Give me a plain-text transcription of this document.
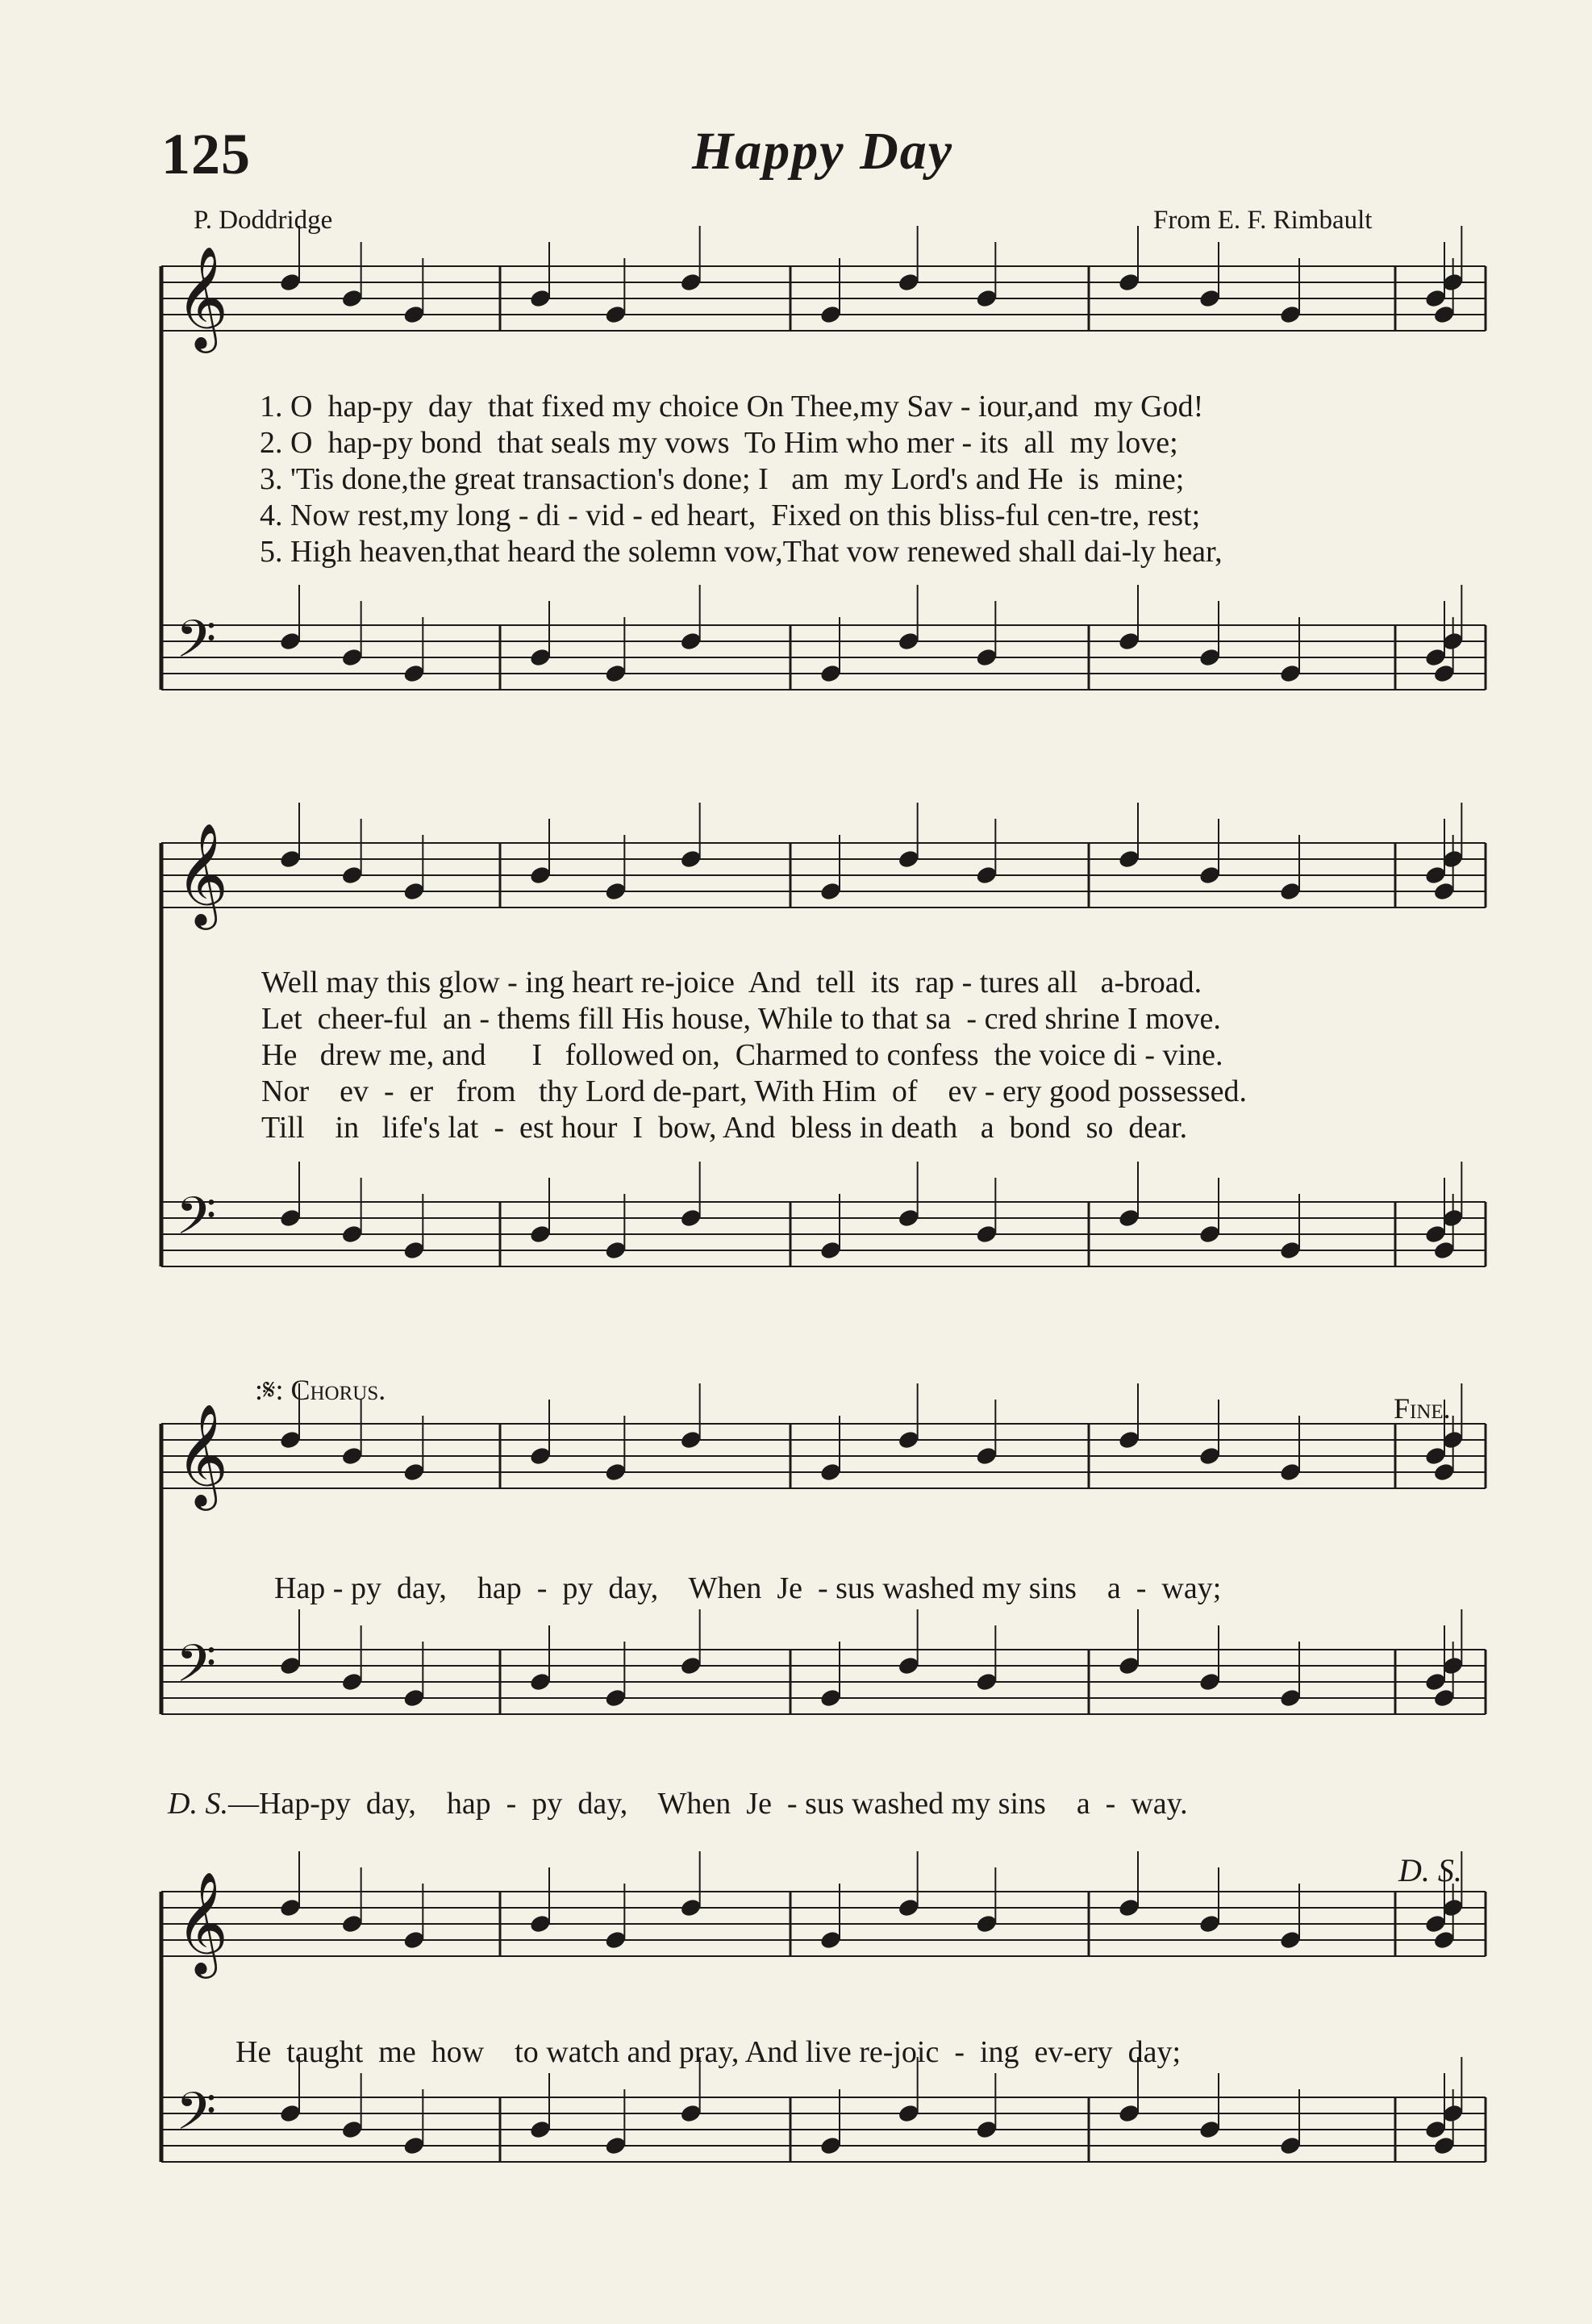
125	Happy Day
P. Doddridge	From E. F. Rimbault
𝄞
𝄢
𝄞
𝄢
𝄞
𝄢
𝄞
𝄢
1. O  hap-py  day  that fixed my choice On Thee,my Sav - iour,and  my God!
2. O  hap-py bond  that seals my vows  To Him who mer - its  all  my love;
3. 'Tis done,the great transaction's done; I   am  my Lord's and He  is  mine;
4. Now rest,my long - di - vid - ed heart,  Fixed on this bliss-ful cen-tre, rest;
5. High heaven,that heard the solemn vow,That vow renewed shall dai-ly hear,
Well may this glow - ing heart re-joice  And  tell  its  rap - tures all   a-broad.
Let  cheer-ful  an - thems fill His house, While to that sa  - cred shrine I move.
He   drew me, and      I   followed on,  Charmed to confess  the voice di - vine.
Nor    ev  -  er   from   thy Lord de-part, With Him  of    ev - ery good possessed.
Till    in   life's lat  -  est hour  I  bow, And  bless in death   a  bond  so  dear.
:𝄋: Chorus.
Fine.
Hap - py  day,    hap  -  py  day,    When  Je  - sus washed my sins    a  -  way;
D. S.—Hap-py  day,    hap  -  py  day,    When  Je  - sus washed my sins    a  -  way.
D. S.
He  taught  me  how    to watch and pray, And live re-joic  -  ing  ev-ery  day;
